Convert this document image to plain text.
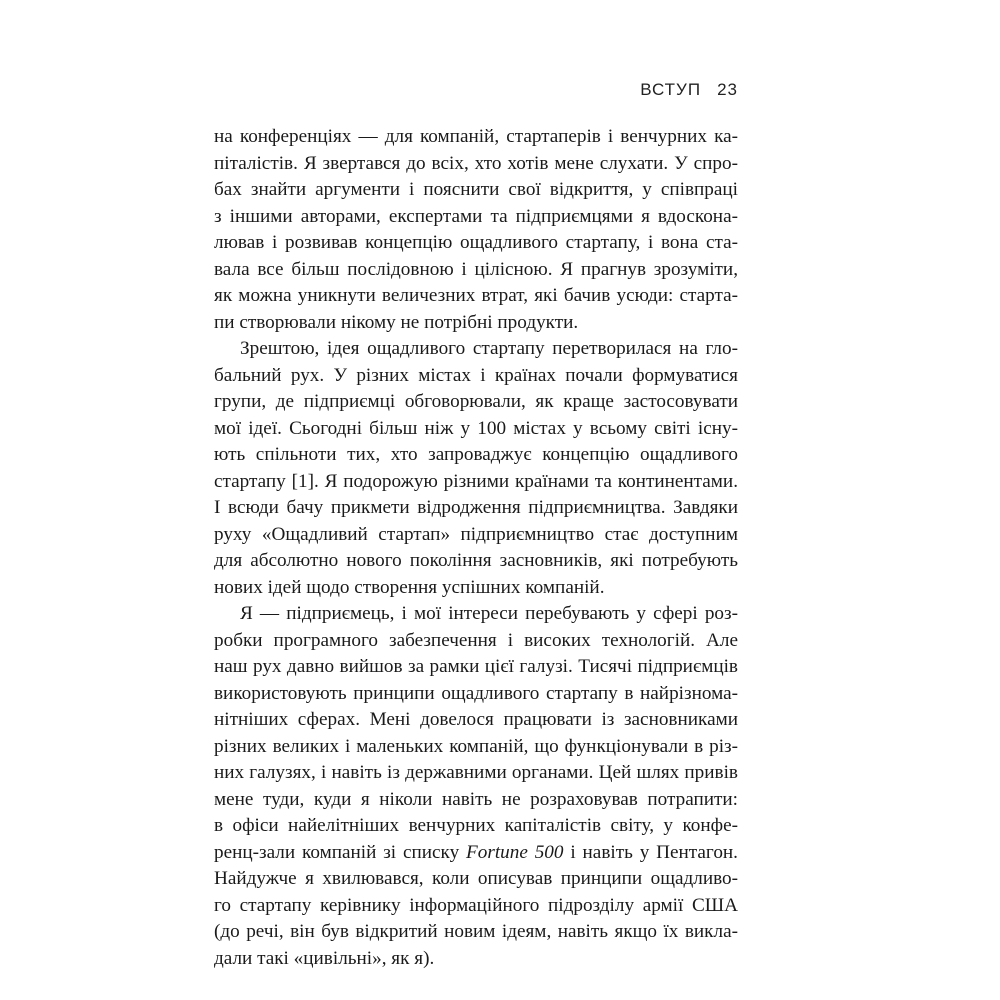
ВСТУП 23
на конференціях — для компаній, стартаперів і венчурних ка-
піталістів. Я звертався до всіх, хто хотів мене слухати. У спро-
бах знайти аргументи і пояснити свої відкриття, у співпраці
з іншими авторами, експертами та підприємцями я вдоскона-
лював і розвивав концепцію ощадливого стартапу, і вона ста-
вала все більш послідовною і цілісною. Я прагнув зрозуміти,
як можна уникнути величезних втрат, які бачив усюди: старта-
пи створювали нікому не потрібні продукти.
Зрештою, ідея ощадливого стартапу перетворилася на гло-
бальний рух. У різних містах і країнах почали формуватися
групи, де підприємці обговорювали, як краще застосовувати
мої ідеї. Сьогодні більш ніж у 100 містах у всьому світі існу-
ють спільноти тих, хто запроваджує концепцію ощадливого
стартапу [1]. Я подорожую різними країнами та континентами.
І всюди бачу прикмети відродження підприємництва. Завдяки
руху «Ощадливий стартап» підприємництво стає доступним
для абсолютно нового покоління засновників, які потребують
нових ідей щодо створення успішних компаній.
Я — підприємець, і мої інтереси перебувають у сфері роз-
робки програмного забезпечення і високих технологій. Але
наш рух давно вийшов за рамки цієї галузі. Тисячі підприємців
використовують принципи ощадливого стартапу в найрізнома-
нітніших сферах. Мені довелося працювати із засновниками
різних великих і маленьких компаній, що функціонували в різ-
них галузях, і навіть із державними органами. Цей шлях привів
мене туди, куди я ніколи навіть не розраховував потрапити:
в офіси найелітніших венчурних капіталістів світу, у конфе-
ренц-зали компаній зі списку Fortune 500 і навіть у Пентагон.
Найдужче я хвилювався, коли описував принципи ощадливо-
го стартапу керівнику інформаційного підрозділу армії США
(до речі, він був відкритий новим ідеям, навіть якщо їх викла-
дали такі «цивільні», як я).
